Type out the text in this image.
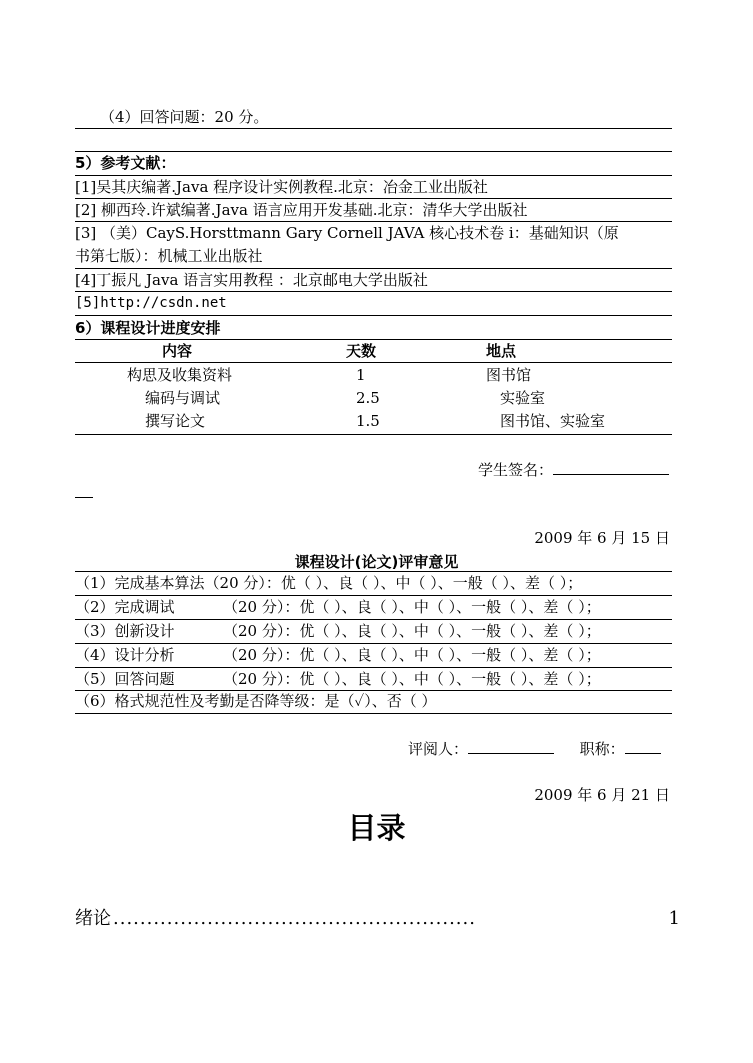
（4）回答问题：20 分。
5）参考文献：
[1]吴其庆编著.Java 程序设计实例教程.北京：冶金工业出版社
[2] 柳西玲.许斌编著.Java 语言应用开发基础.北京：清华大学出版社
[3] （美）CayS.Horsttmann Gary Cornell JAVA 核心技术卷 i：基础知识（原
书第七版）：机械工业出版社
[4]丁振凡 Java 语言实用教程 ：北京邮电大学出版社
[5]http://csdn.net
6）课程设计进度安排
内容	天数	地点
构思及收集资料	1	图书馆
编码与调试	2.5	实验室
撰写论文	1.5	图书馆、实验室
学生签名：
2009 年 6 月 15 日
课程设计(论文)评审意见
（1）完成基本算法 （20 分）：优（ ）、良（ ）、中（ ）、一般（ ）、差（ ）；
（2）完成调试	（20 分）：优（ ）、良（ ）、中（ ）、一般（ ）、差（ ）；
（3）创新设计	（20 分）：优（ ）、良（ ）、中（ ）、一般（ ）、差（ ）；
（4）设计分析	（20 分）：优（ ）、良（ ）、中（ ）、一般（ ）、差（ ）；
（5）回答问题	（20 分）：优（ ）、良（ ）、中（ ）、一般（ ）、差（ ）；
（6）格式规范性及考勤是否降等级：是（✓）、否（ ）
评阅人：	职称：
2009 年 6 月 21 日
目录
绪论 ......................................................	1
